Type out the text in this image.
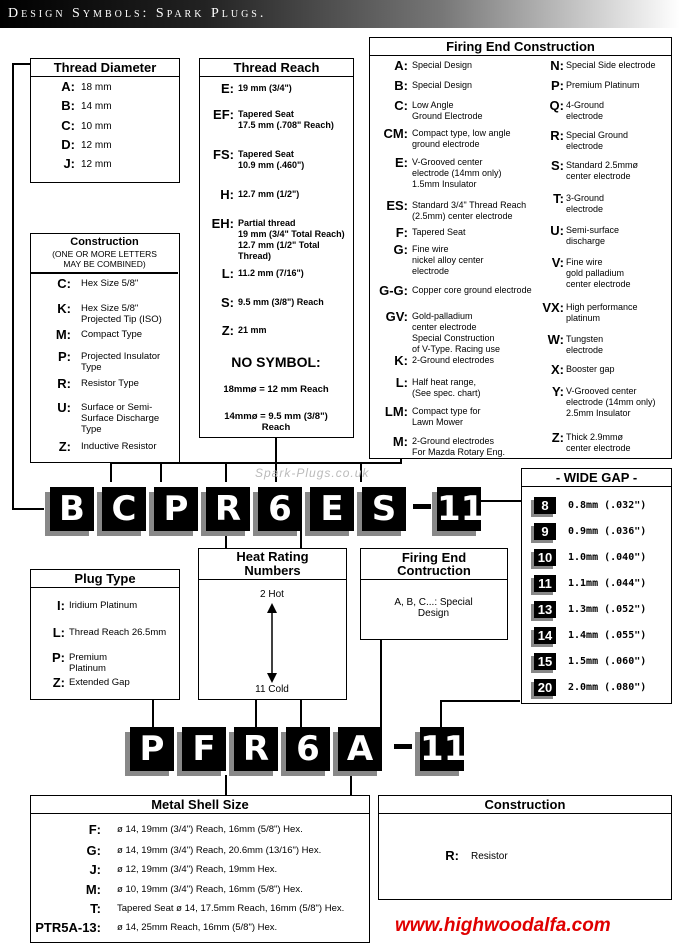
Design Symbols: Spark Plugs.
Thread Diameter
A: 18 mm
B: 14 mm
C: 10 mm
D: 12 mm
J: 12 mm
Construction
(ONE OR MORE LETTERS
MAY BE COMBINED)
C: Hex Size 5/8"
K: Hex Size 5/8"
Projected Tip (ISO)
M: Compact Type
P: Projected Insulator
Type
R: Resistor Type
U: Surface or Semi-
Surface Discharge
Type
Z: Inductive Resistor
Thread Reach
E: 19 mm (3/4")
EF: Tapered Seat
17.5 mm (.708" Reach)
FS: Tapered Seat
10.9 mm (.460")
H: 12.7 mm (1/2")
EH: Partial thread
19 mm (3/4" Total Reach)
12.7 mm (1/2" Total Thread)
L: 11.2 mm (7/16")
S: 9.5 mm (3/8") Reach
Z: 21 mm
NO SYMBOL:
18mmø = 12 mm Reach
14mmø = 9.5 mm (3/8")
Reach
Firing End Construction
A: Special Design
B: Special Design
C: Low Angle
Ground Electrode
CM: Compact type, low angle
ground electrode
E: V-Grooved center
electrode (14mm only)
1.5mm Insulator
ES: Standard 3/4" Thread Reach
(2.5mm) center electrode
F: Tapered Seat
G: Fine wire
nickel alloy center
electrode
G-G: Copper core ground electrode
GV: Gold-palladium
center electrode
Special Construction
of V-Type. Racing use
K: 2-Ground electrodes
L: Half heat range,
(See spec. chart)
LM: Compact type for
Lawn Mower
M: 2-Ground electrodes
For Mazda Rotary Eng.
N: Special Side electrode
P: Premium Platinum
Q: 4-Ground
electrode
R: Special Ground
electrode
S: Standard 2.5mmø
center electrode
T: 3-Ground
electrode
U: Semi-surface
discharge
V: Fine wire
gold palladium
center electrode
VX: High performance
platinum
W: Tungsten
electrode
X: Booster gap
Y: V-Grooved center
electrode (14mm only)
2.5mm Insulator
Z: Thick 2.9mmø
center electrode
Spark-Plugs.co.uk
B C P R 6 E S 11
- WIDE GAP -
8	0.8mm (.032")
9	0.9mm (.036")
10	1.0mm (.040")
11	1.1mm (.044")
13	1.3mm (.052")
14	1.4mm (.055")
15	1.5mm (.060")
20	2.0mm (.080")
Heat Rating
Numbers
2 Hot
11 Cold
Firing End
Contruction
A, B, C...: Special
Design
Plug Type
I: Iridium Platinum
L: Thread Reach 26.5mm
P: Premium
Platinum
Z: Extended Gap
P F R 6 A 11
Metal Shell Size
F: ø 14, 19mm (3/4") Reach, 16mm (5/8") Hex.
G: ø 14, 19mm (3/4") Reach, 20.6mm (13/16") Hex.
J: ø 12, 19mm (3/4") Reach, 19mm Hex.
M: ø 10, 19mm (3/4") Reach, 16mm (5/8") Hex.
T: Tapered Seat ø 14, 17.5mm Reach, 16mm (5/8") Hex.
PTR5A-13: ø 14, 25mm Reach, 16mm (5/8") Hex.
Construction
R: Resistor
www.highwoodalfa.com
